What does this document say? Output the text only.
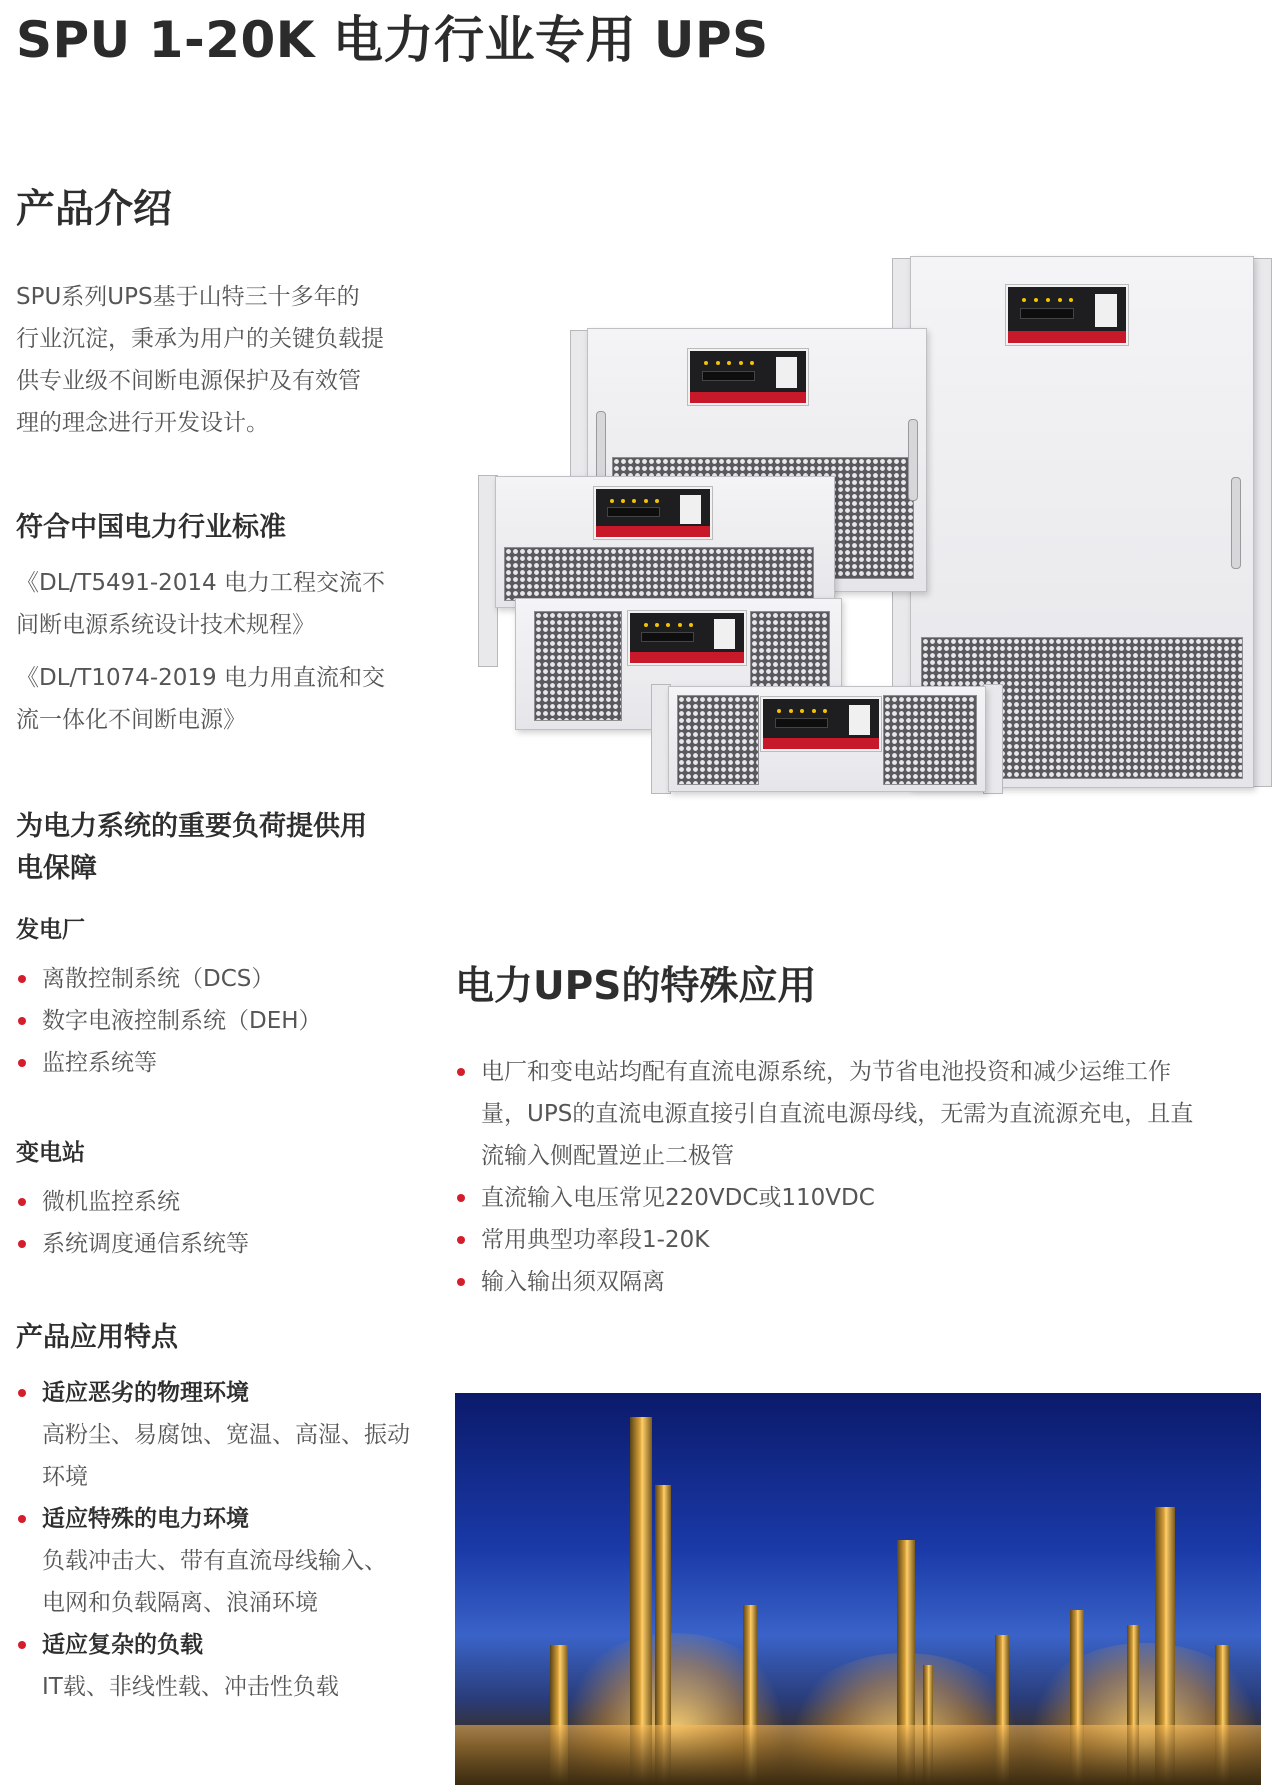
SPU 1-20K 电力行业专用 UPS
产品介绍
SPU系列UPS基于山特三十多年的
行业沉淀，秉承为用户的关键负载提
供专业级不间断电源保护及有效管
理的理念进行开发设计。
符合中国电力行业标准
《DL/T5491-2014 电力工程交流不
间断电源系统设计技术规程》
《DL/T1074-2019 电力用直流和交
流一体化不间断电源》
为电力系统的重要负荷提供用
电保障
发电厂
离散控制系统（DCS）
数字电液控制系统（DEH）
监控系统等
变电站
微机监控系统
系统调度通信系统等
产品应用特点
适应恶劣的物理环境
高粉尘、易腐蚀、宽温、高湿、振动
环境
适应特殊的电力环境
负载冲击大、带有直流母线输入、
电网和负载隔离、浪涌环境
适应复杂的负载
IT载、非线性载、冲击性负载
电力UPS的特殊应用
电厂和变电站均配有直流电源系统，为节省电池投资和减少运维工作
量，UPS的直流电源直接引自直流电源母线，无需为直流源充电，且直
流输入侧配置逆止二极管
直流输入电压常见220VDC或110VDC
常用典型功率段1-20K
输入输出须双隔离
